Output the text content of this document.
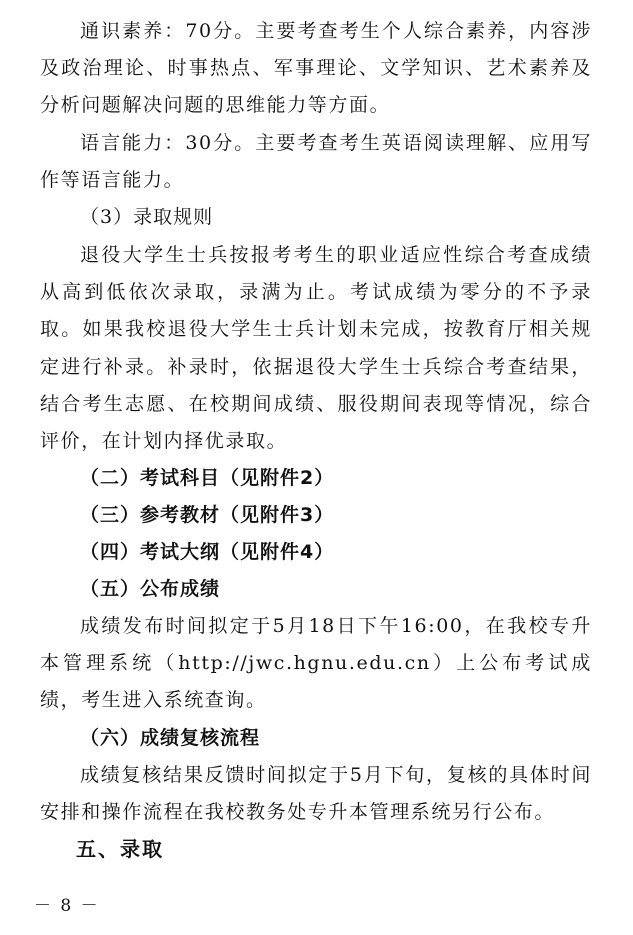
通识素养：70分。主要考查考生个人综合素养，内容涉及政治理论、时事热点、军事理论、文学知识、艺术素养及分析问题解决问题的思维能力等方面。

语言能力：30分。主要考查考生英语阅读理解、应用写作等语言能力。

（3）录取规则

退役大学生士兵按报考考生的职业适应性综合考查成绩从高到低依次录取，录满为止。考试成绩为零分的不予录取。如果我校退役大学生士兵计划未完成，按教育厅相关规定进行补录。补录时，依据退役大学生士兵综合考查结果，结合考生志愿、在校期间成绩、服役期间表现等情况，综合评价，在计划内择优录取。

（二）考试科目（见附件2）

（三）参考教材（见附件3）

（四）考试大纲（见附件4）

（五）公布成绩

成绩发布时间拟定于5月18日下午16:00，在我校专升本管理系统（http://jwc.hgnu.edu.cn）上公布考试成绩，考生进入系统查询。

（六）成绩复核流程

成绩复核结果反馈时间拟定于5月下旬，复核的具体时间安排和操作流程在我校教务处专升本管理系统另行公布。

五、录取

－ 8 －
